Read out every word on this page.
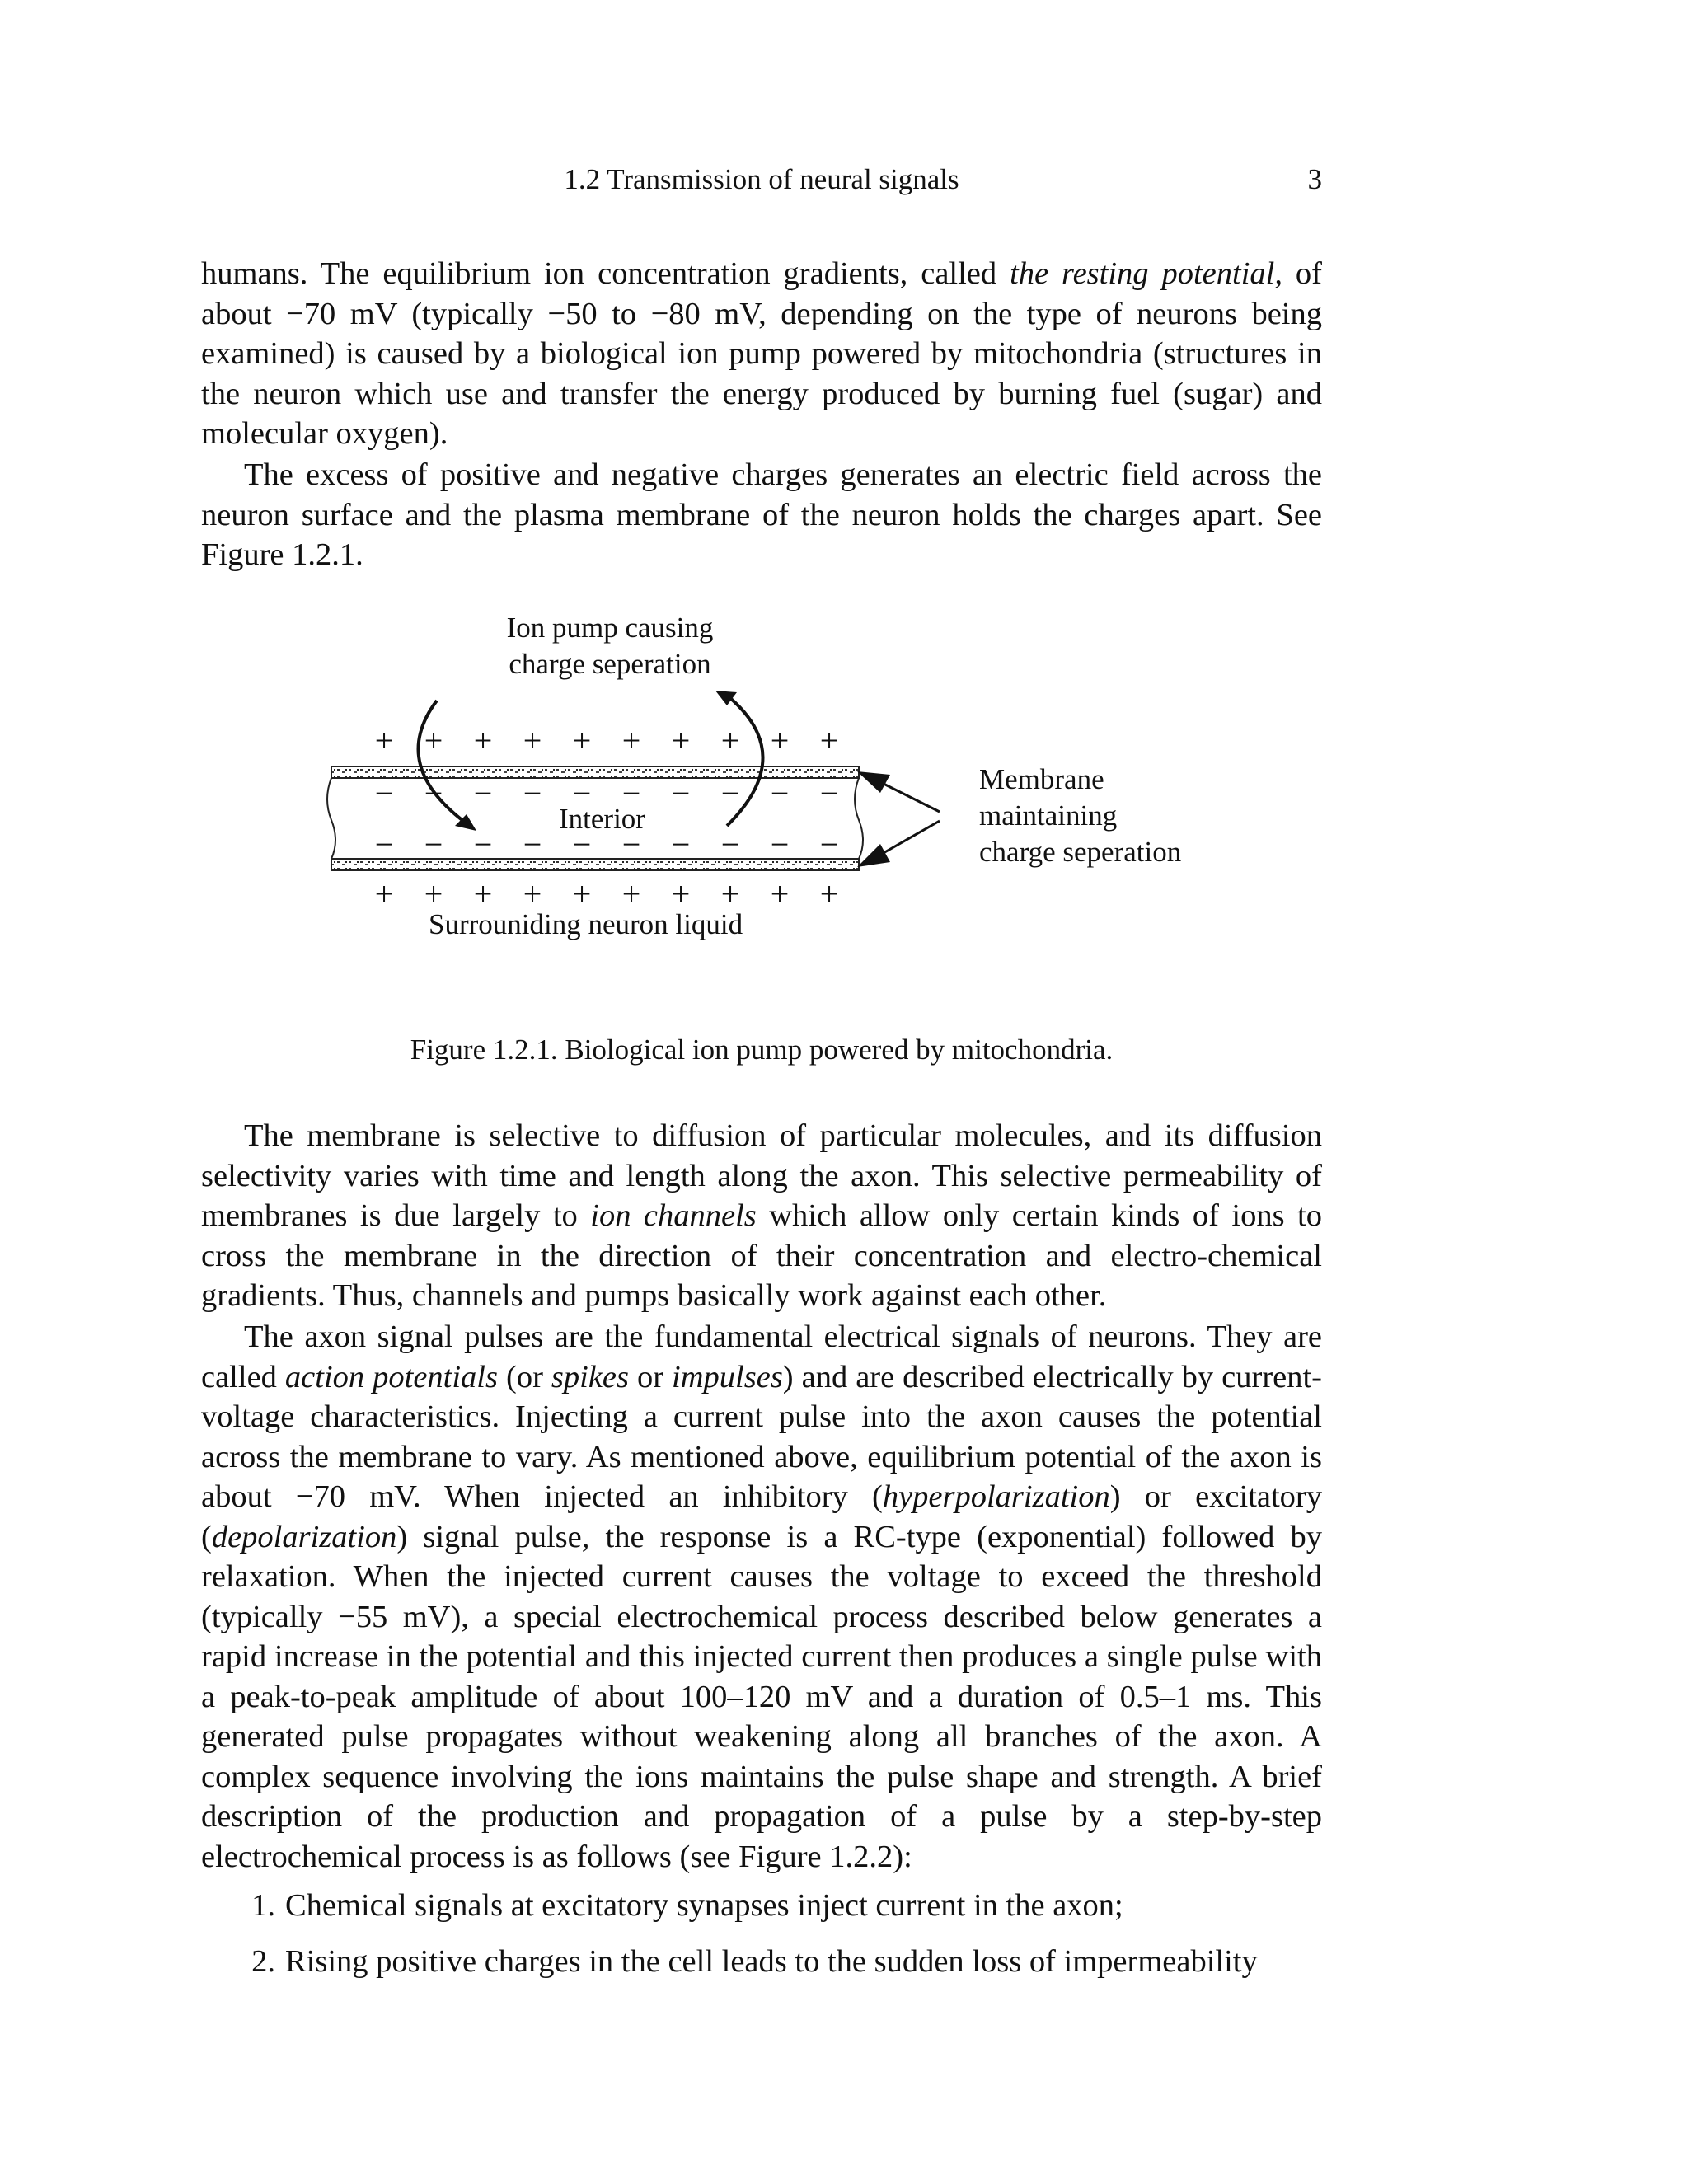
1.2 Transmission of neural signals	3

humans. The equilibrium ion concentration gradients, called the resting potential, of about −70 mV (typically −50 to −80 mV, depending on the type of neurons being examined) is caused by a biological ion pump powered by mitochondria (structures in the neuron which use and transfer the energy produced by burning fuel (sugar) and molecular oxygen).

The excess of positive and negative charges generates an electric field across the neuron surface and the plasma membrane of the neuron holds the charges apart. See Figure 1.2.1.

+ + + + + + + + + +
− − − − − − − − − −
− − − − − − − − − −
+ + + + + + + + + +
Ion pump causing
charge seperation
Interior
Surrouniding neuron liquid
Membrane
maintaining
charge seperation
Figure 1.2.1. Biological ion pump powered by mitochondria.

The membrane is selective to diffusion of particular molecules, and its diffusion selectivity varies with time and length along the axon. This selective permeability of membranes is due largely to ion channels which allow only certain kinds of ions to cross the membrane in the direction of their concentration and electro-chemical gradients. Thus, channels and pumps basically work against each other.

The axon signal pulses are the fundamental electrical signals of neurons. They are called action potentials (or spikes or impulses) and are described electrically by current-voltage characteristics. Injecting a current pulse into the axon causes the potential across the membrane to vary. As mentioned above, equilibrium potential of the axon is about −70 mV. When injected an inhibitory (hyperpolarization) or excitatory (depolarization) signal pulse, the response is a RC-type (exponential) followed by relaxation. When the injected current causes the voltage to exceed the threshold (typically −55 mV), a special electrochemical process described below generates a rapid increase in the potential and this injected current then produces a single pulse with a peak-to-peak amplitude of about 100–120 mV and a duration of 0.5–1 ms. This generated pulse propagates without weakening along all branches of the axon. A complex sequence involving the ions maintains the pulse shape and strength. A brief description of the production and propagation of a pulse by a step-by-step electrochemical process is as follows (see Figure 1.2.2):

1. Chemical signals at excitatory synapses inject current in the axon;
2. Rising positive charges in the cell leads to the sudden loss of impermeability
